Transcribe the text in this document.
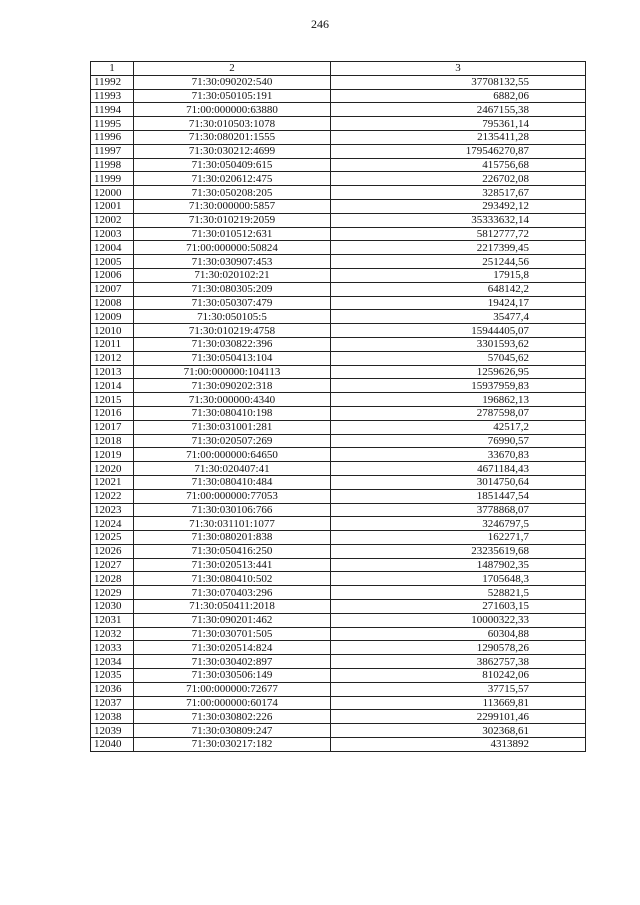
246
1	2	3
11992	71:30:090202:540	37708132,55
11993	71:30:050105:191	6882,06
11994	71:00:000000:63880	2467155,38
11995	71:30:010503:1078	795361,14
11996	71:30:080201:1555	2135411,28
11997	71:30:030212:4699	179546270,87
11998	71:30:050409:615	415756,68
11999	71:30:020612:475	226702,08
12000	71:30:050208:205	328517,67
12001	71:30:000000:5857	293492,12
12002	71:30:010219:2059	35333632,14
12003	71:30:010512:631	5812777,72
12004	71:00:000000:50824	2217399,45
12005	71:30:030907:453	251244,56
12006	71:30:020102:21	17915,8
12007	71:30:080305:209	648142,2
12008	71:30:050307:479	19424,17
12009	71:30:050105:5	35477,4
12010	71:30:010219:4758	15944405,07
12011	71:30:030822:396	3301593,62
12012	71:30:050413:104	57045,62
12013	71:00:000000:104113	1259626,95
12014	71:30:090202:318	15937959,83
12015	71:30:000000:4340	196862,13
12016	71:30:080410:198	2787598,07
12017	71:30:031001:281	42517,2
12018	71:30:020507:269	76990,57
12019	71:00:000000:64650	33670,83
12020	71:30:020407:41	4671184,43
12021	71:30:080410:484	3014750,64
12022	71:00:000000:77053	1851447,54
12023	71:30:030106:766	3778868,07
12024	71:30:031101:1077	3246797,5
12025	71:30:080201:838	162271,7
12026	71:30:050416:250	23235619,68
12027	71:30:020513:441	1487902,35
12028	71:30:080410:502	1705648,3
12029	71:30:070403:296	528821,5
12030	71:30:050411:2018	271603,15
12031	71:30:090201:462	10000322,33
12032	71:30:030701:505	60304,88
12033	71:30:020514:824	1290578,26
12034	71:30:030402:897	3862757,38
12035	71:30:030506:149	810242,06
12036	71:00:000000:72677	37715,57
12037	71:00:000000:60174	113669,81
12038	71:30:030802:226	2299101,46
12039	71:30:030809:247	302368,61
12040	71:30:030217:182	4313892
